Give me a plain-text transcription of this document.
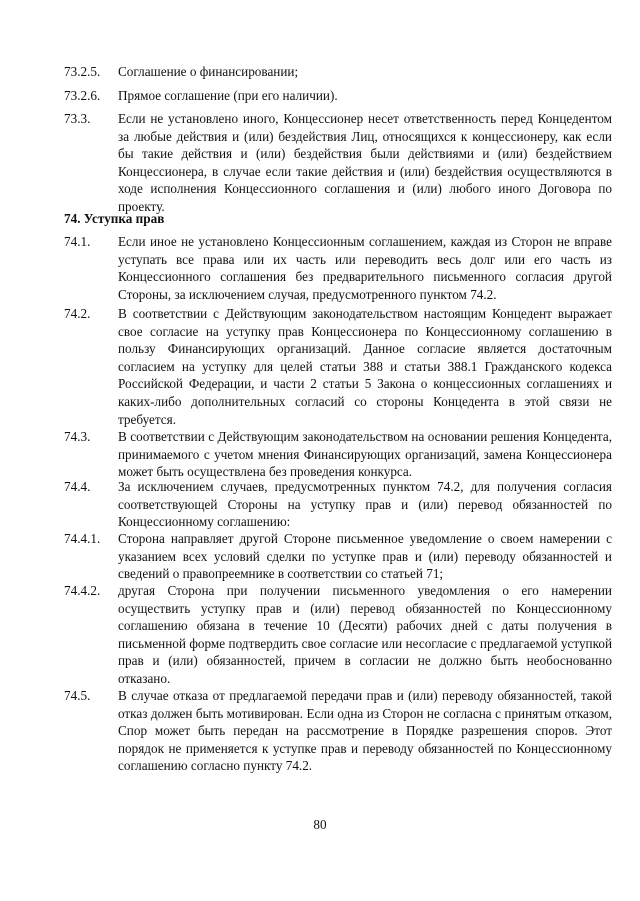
73.2.5. Соглашение о финансировании;
73.2.6. Прямое соглашение (при его наличии).
73.3. Если не установлено иного, Концессионер несет ответственность перед Концедентом за любые действия и (или) бездействия Лиц, относящихся к концессионеру, как если бы такие действия и (или) бездействия были действиями и (или) бездействием Концессионера, в случае если такие действия и (или) бездействия осуществляются в ходе исполнения Концессионного соглашения и (или) любого иного Договора по проекту.
74. Уступка прав
74.1. Если иное не установлено Концессионным соглашением, каждая из Сторон не вправе уступать все права или их часть или переводить весь долг или его часть из Концессионного соглашения без предварительного письменного согласия другой Стороны, за исключением случая, предусмотренного пунктом 74.2.
74.2. В соответствии с Действующим законодательством настоящим Концедент выражает свое согласие на уступку прав Концессионера по Концессионному соглашению в пользу Финансирующих организаций. Данное согласие является достаточным согласием на уступку для целей статьи 388 и статьи 388.1 Гражданского кодекса Российской Федерации, и части 2 статьи 5 Закона о концессионных соглашениях и каких-либо дополнительных согласий со стороны Концедента в этой связи не требуется.
74.3. В соответствии с Действующим законодательством на основании решения Концедента, принимаемого с учетом мнения Финансирующих организаций, замена Концессионера может быть осуществлена без проведения конкурса.
74.4. За исключением случаев, предусмотренных пунктом 74.2, для получения согласия соответствующей Стороны на уступку прав и (или) перевод обязанностей по Концессионному соглашению:
74.4.1. Сторона направляет другой Стороне письменное уведомление о своем намерении с указанием всех условий сделки по уступке прав и (или) переводу обязанностей и сведений о правопреемнике в соответствии со статьей 71;
74.4.2. другая Сторона при получении письменного уведомления о его намерении осуществить уступку прав и (или) перевод обязанностей по Концессионному соглашению обязана в течение 10 (Десяти) рабочих дней с даты получения в письменной форме подтвердить свое согласие или несогласие с предлагаемой уступкой прав и (или) обязанностей, причем в согласии не должно быть необоснованно отказано.
74.5. В случае отказа от предлагаемой передачи прав и (или) переводу обязанностей, такой отказ должен быть мотивирован. Если одна из Сторон не согласна с принятым отказом, Спор может быть передан на рассмотрение в Порядке разрешения споров. Этот порядок не применяется к уступке прав и переводу обязанностей по Концессионному соглашению согласно пункту 74.2.
80
